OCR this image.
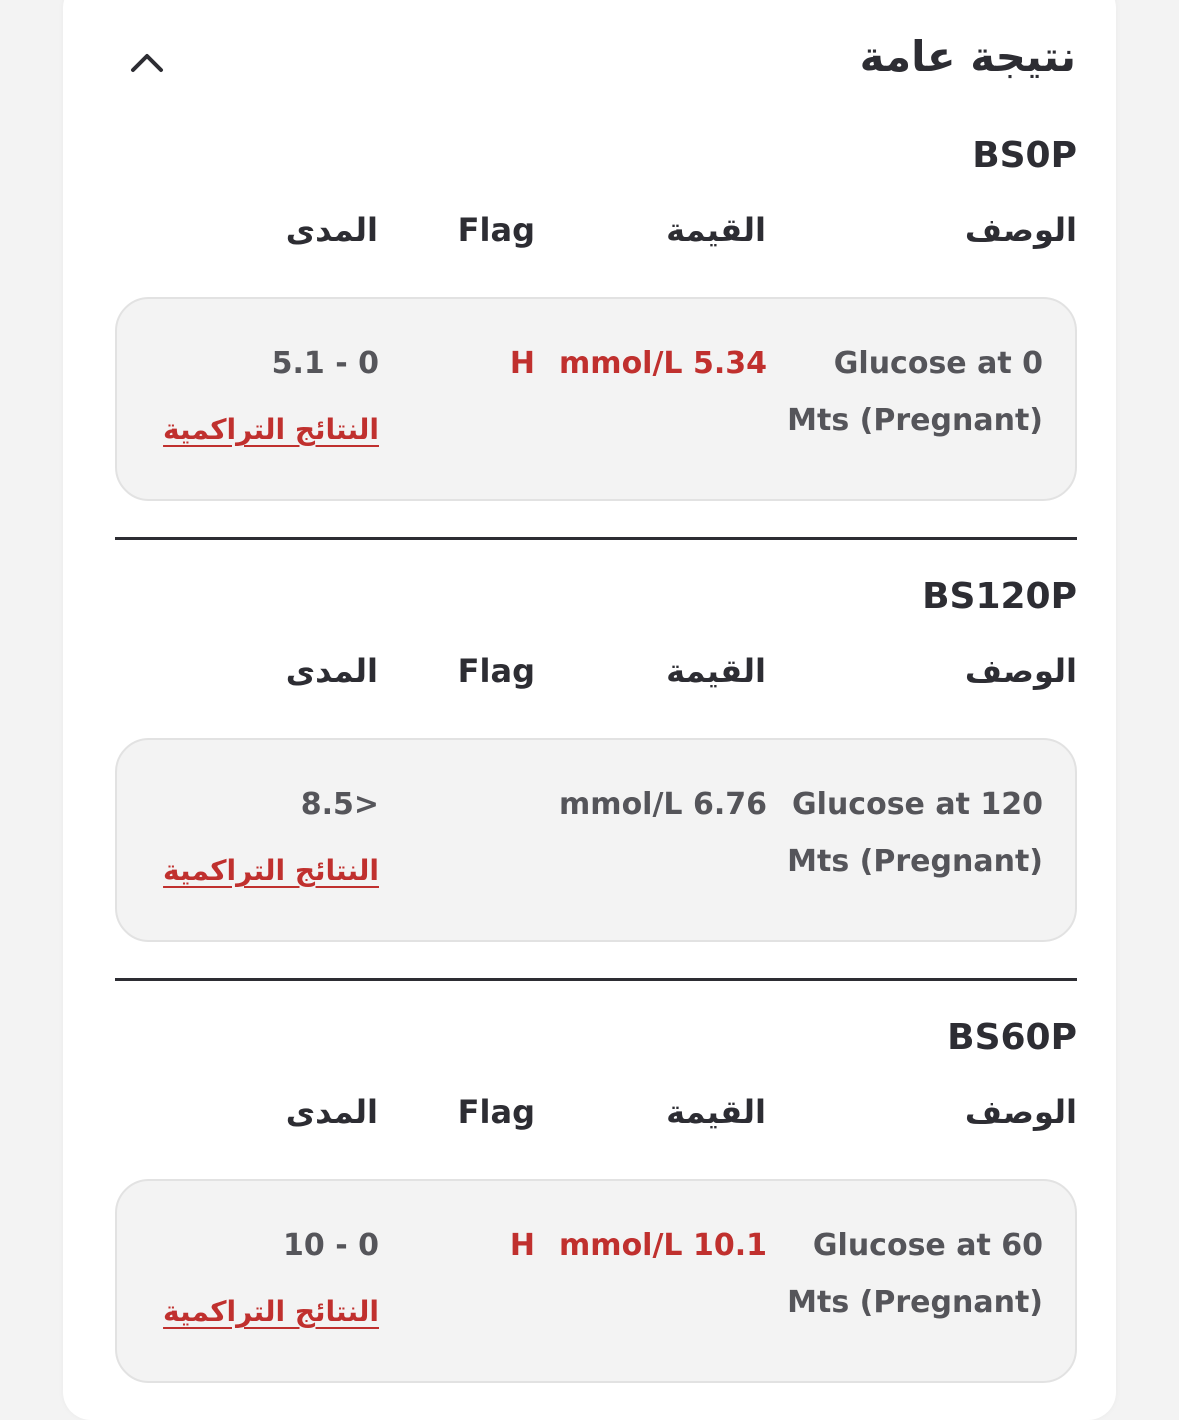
نتيجة عامة
BS0P
الوصف
القيمة
Flag
المدى
Glucose at 0 Mts (Pregnant)
mmol/L 5.34
H
5.1 - 0
النتائج التراكمية
BS120P
الوصف
القيمة
Flag
المدى
Glucose at 120 Mts (Pregnant)
mmol/L 6.76
8.5>
النتائج التراكمية
BS60P
الوصف
القيمة
Flag
المدى
Glucose at 60 Mts (Pregnant)
mmol/L 10.1
H
10 - 0
النتائج التراكمية
